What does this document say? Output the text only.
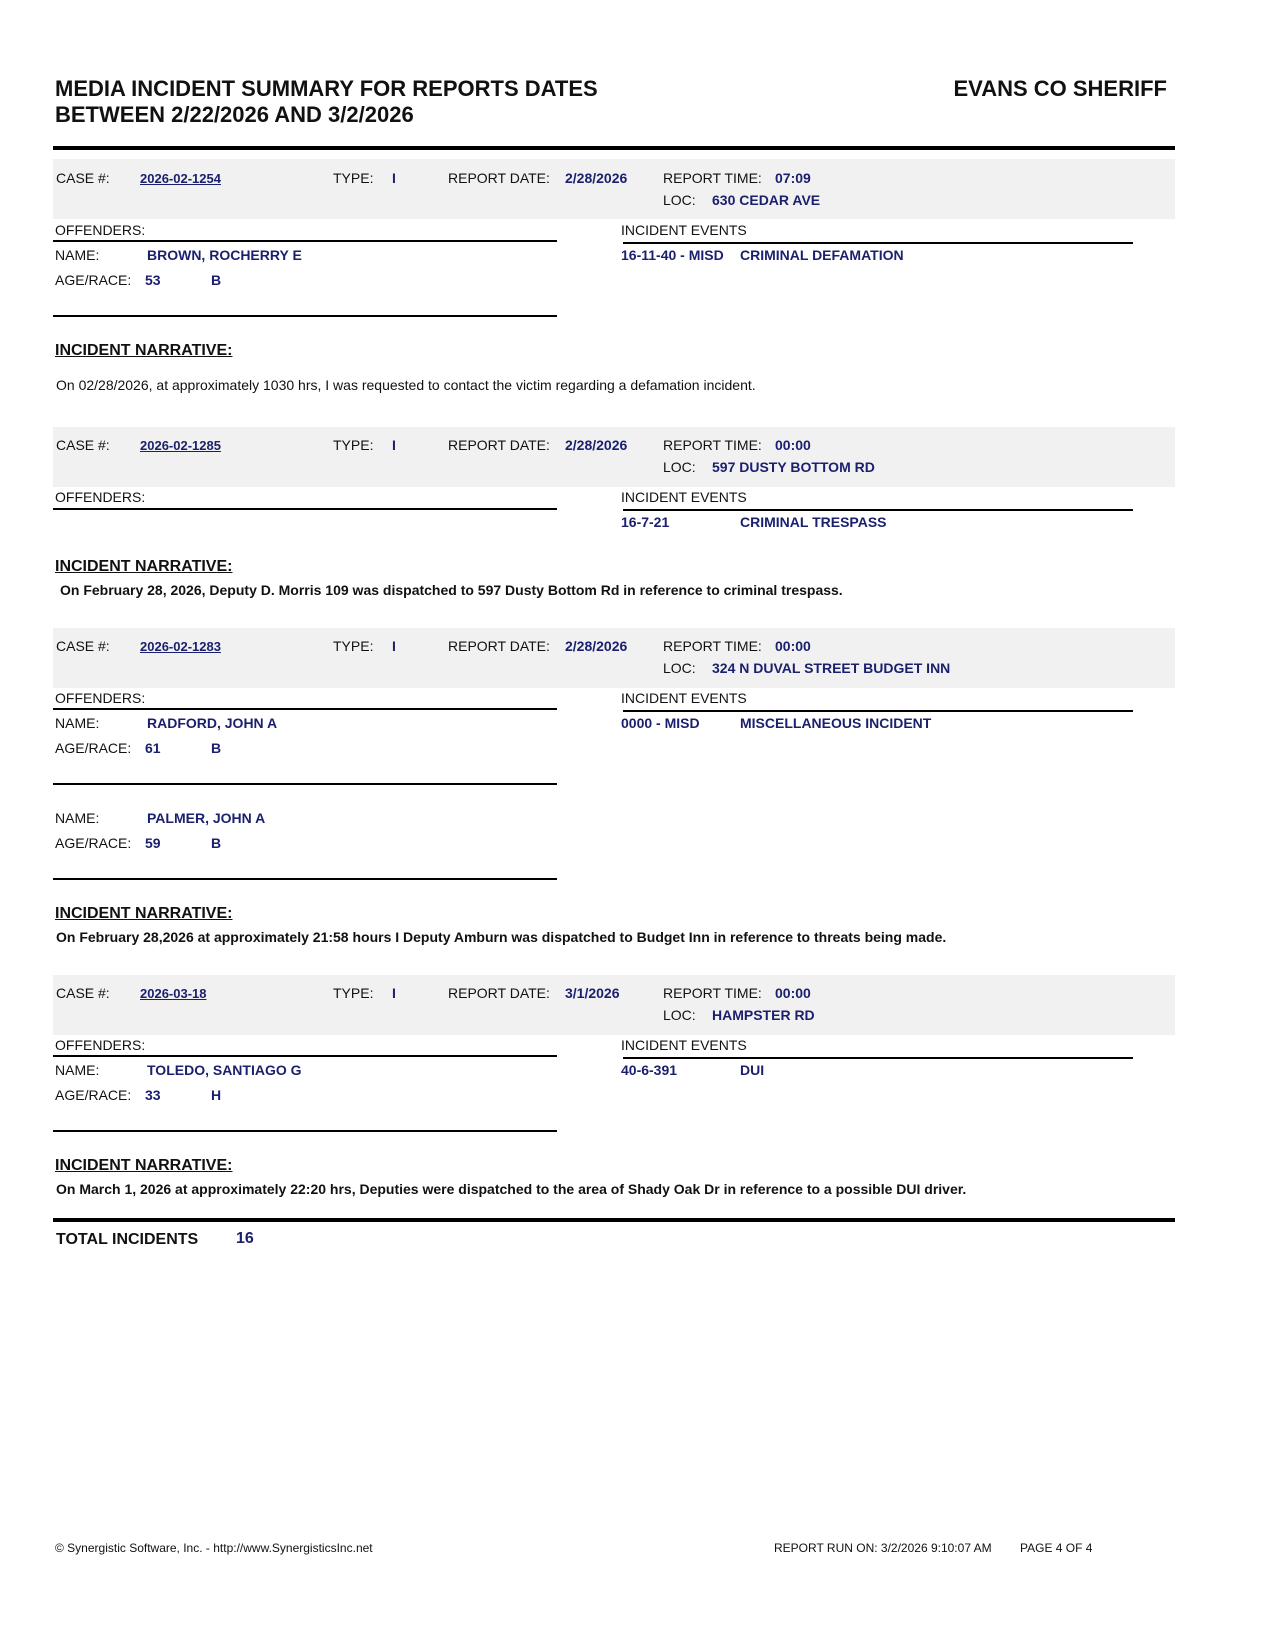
MEDIA INCIDENT SUMMARY FOR REPORTS DATES
BETWEEN 2/22/2026 AND 3/2/2026
EVANS CO SHERIFF
CASE #: 2026-02-1254	TYPE: I	REPORT DATE: 2/28/2026	REPORT TIME: 07:09
LOC: 630 CEDAR AVE
OFFENDERS:	INCIDENT EVENTS
NAME:	BROWN, ROCHERRY E
AGE/RACE: 53	B
16-11-40 - MISD CRIMINAL DEFAMATION
INCIDENT NARRATIVE:
On 02/28/2026, at approximately 1030 hrs, I was requested to contact the victim regarding a defamation incident.
CASE #: 2026-02-1285	TYPE: I	REPORT DATE: 2/28/2026	REPORT TIME: 00:00
LOC: 597 DUSTY BOTTOM RD
OFFENDERS:	INCIDENT EVENTS
16-7-21	CRIMINAL TRESPASS
INCIDENT NARRATIVE:
On February 28, 2026, Deputy D. Morris 109 was dispatched to 597 Dusty Bottom Rd in reference to criminal trespass.
CASE #: 2026-02-1283	TYPE: I	REPORT DATE: 2/28/2026	REPORT TIME: 00:00
LOC: 324 N DUVAL STREET BUDGET INN
OFFENDERS:	INCIDENT EVENTS
NAME:	RADFORD, JOHN A
AGE/RACE: 61	B
NAME:	PALMER, JOHN A
AGE/RACE: 59	B
0000 - MISD	MISCELLANEOUS INCIDENT
INCIDENT NARRATIVE:
On February 28,2026 at approximately 21:58 hours I Deputy Amburn was dispatched to Budget Inn in reference to threats being made.
CASE #: 2026-03-18	TYPE: I	REPORT DATE: 3/1/2026	REPORT TIME: 00:00
LOC: HAMPSTER RD
OFFENDERS:	INCIDENT EVENTS
NAME:	TOLEDO, SANTIAGO G
AGE/RACE: 33	H
40-6-391	DUI
INCIDENT NARRATIVE:
On March 1, 2026 at approximately 22:20 hrs, Deputies were dispatched to the area of Shady Oak Dr in reference to a possible DUI driver.
TOTAL INCIDENTS 16
© Synergistic Software, Inc. - http://www.SynergisticsInc.net	REPORT RUN ON: 3/2/2026 9:10:07 AM PAGE 4 OF 4
